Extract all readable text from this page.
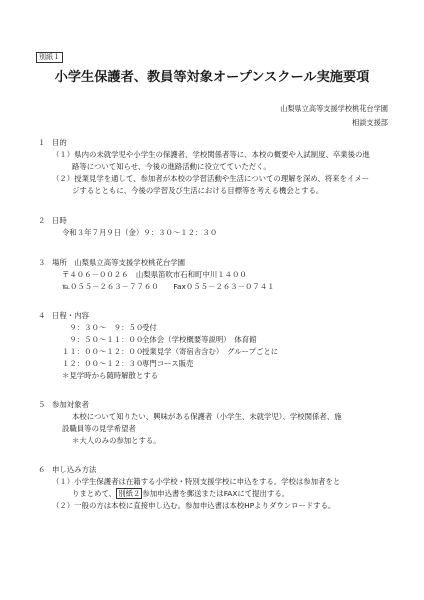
別紙１
小学生保護者、教員等対象オープンスクール実施要項
山梨県立高等支援学校桃花台学園
相談支援部
１ 目的
（１）県内の未就学児や小学生の保護者、学校関係者等に、本校の概要や入試制度、卒業後の進
路等について知らせ、今後の進路活動に役立てていただく。
（２）授業見学を通して、参加者が本校の学習活動や生活についての理解を深め、将来をイメー
ジするとともに、今後の学習及び生活における目標等を考える機会とする。
２ 日時
令和３年７月９日（金）９：３０～１２：３０
３ 場所　山梨県立高等支援学校桃花台学園
〒４０６－００２６　山梨県笛吹市石和町中川１４００
℡０５５－２６３－７７６０　　Fax０５５－２６３－０７４１
４ 日程・内容
　９：３０～　９：５０
受付
　９：５０～１１：００
全体会（学校概要等説明）　体育館
１１：００～１２：００
授業見学（寄宿舎含む）　グループごとに
１２：００～１２：３０
専門コース販売
＊見学時から随時解散とする
５ 参加対象者
本校について知りたい、興味がある保護者（小学生、未就学児）、学校関係者、施
設職員等の見学希望者
＊大人のみの参加とする。
６ 申し込み方法
（１）小学生保護者は在籍する小学校・特別支援学校に申込をする。学校は参加者をと
りまとめて、 別紙２ 参加申込書を郵送またはFAXにて提出する。
（２）一般の方は本校に直接申し込む。参加申込書は本校HPよりダウンロードする。
